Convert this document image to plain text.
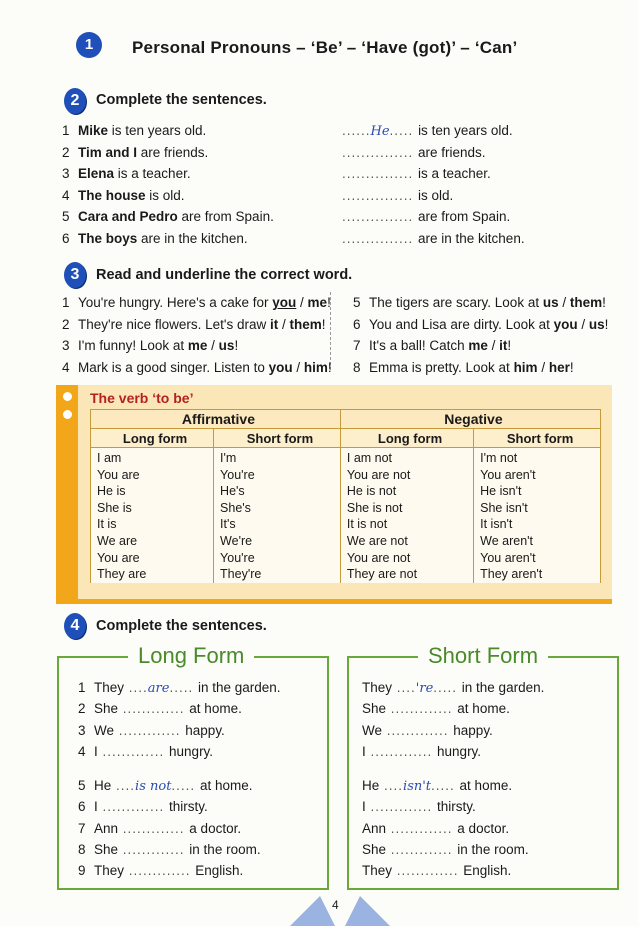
1	Personal Pronouns – ‘Be’ – ‘Have (got)’ – ‘Can’
2	Complete the sentences.
1 Mike is ten years old.	......He..... is ten years old.
2 Tim and I are friends.	............... are friends.
3 Elena is a teacher.	............... is a teacher.
4 The house is old.	............... is old.
5 Cara and Pedro are from Spain.	............... are from Spain.
6 The boys are in the kitchen.	............... are in the kitchen.
3	Read and underline the correct word.
1 You're hungry. Here's a cake for you / me!
2 They're nice flowers. Let's draw it / them!
3 I'm funny! Look at me / us!
4 Mark is a good singer. Listen to you / him!
5 The tigers are scary. Look at us / them!
6 You and Lisa are dirty. Look at you / us!
7 It's a ball! Catch me / it!
8 Emma is pretty. Look at him / her!
The verb ‘to be’
Affirmative		Negative	
Long form	Short form	Long form	Short form
I am	I'm	I am not	I'm not
You are	You're	You are not	You aren't
He is	He's	He is not	He isn't
She is	She's	She is not	She isn't
It is	It's	It is not	It isn't
We are	We're	We are not	We aren't
You are	You're	You are not	You aren't
They are	They're	They are not	They aren't
4	Complete the sentences.
Long Form	Short Form
1 They ....are..... in the garden.
2 She ............. at home.
3 We ............. happy.
4 I ............. hungry.
5 He ....is not..... at home.
6 I ............. thirsty.
7 Ann ............. a doctor.
8 She ............. in the room.
9 They ............. English.
They ....'re..... in the garden.
She ............. at home.
We ............. happy.
I ............. hungry.
He ....isn't..... at home.
I ............. thirsty.
Ann ............. a doctor.
She ............. in the room.
They ............. English.
4
